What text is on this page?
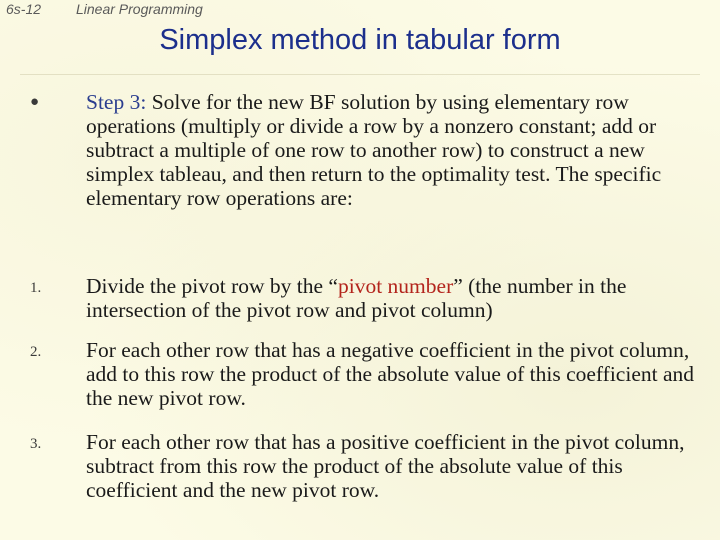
6s-12 Linear Programming
Simplex method in tabular form
● Step 3: Solve for the new BF solution by using elementary row operations (multiply or divide a row by a nonzero constant; add or subtract a multiple of one row to another row) to construct a new simplex tableau, and then return to the optimality test. The specific elementary row operations are:
1. Divide the pivot row by the “pivot number” (the number in the intersection of the pivot row and pivot column)
2. For each other row that has a negative coefficient in the pivot column, add to this row the product of the absolute value of this coefficient and the new pivot row.
3. For each other row that has a positive coefficient in the pivot column, subtract from this row the product of the absolute value of this coefficient and the new pivot row.
